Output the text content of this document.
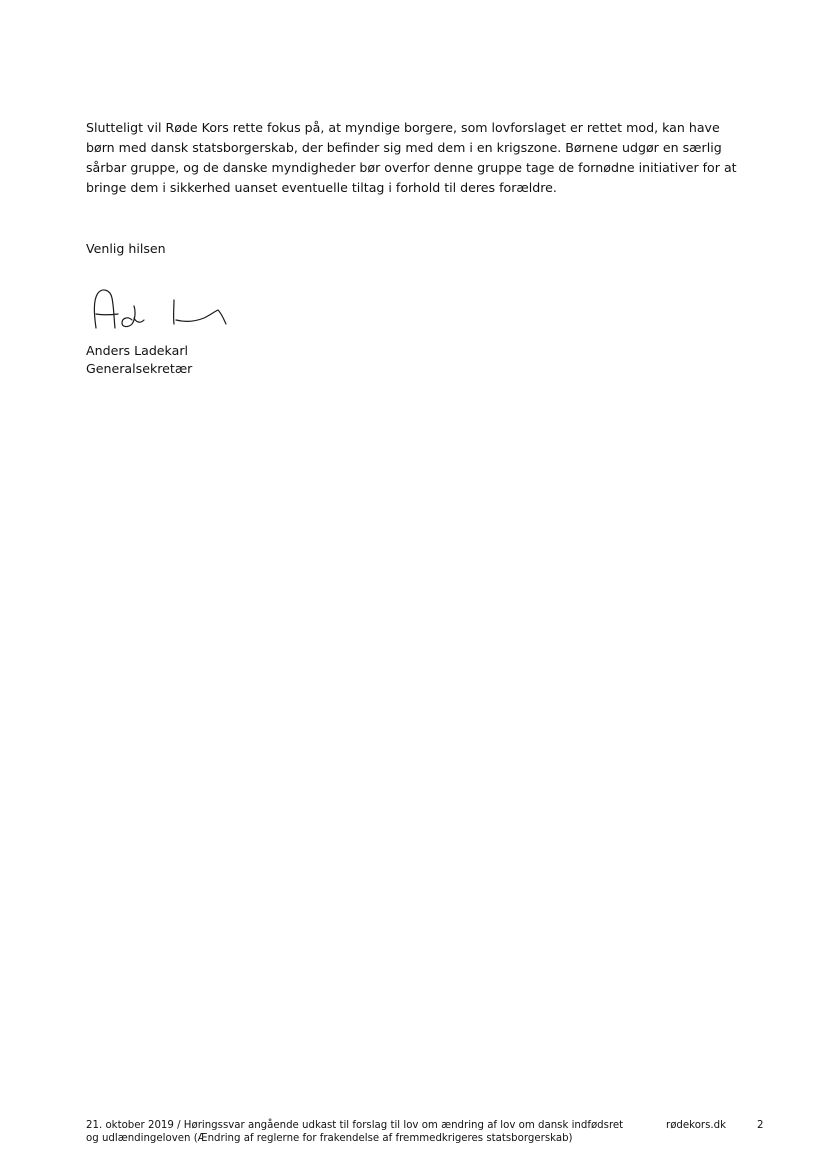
Slutteligt vil Røde Kors rette fokus på, at myndige borgere, som lovforslaget er rettet mod, kan have børn med dansk statsborgerskab, der befinder sig med dem i en krigszone. Børnene udgør en særlig sårbar gruppe, og de danske myndigheder bør overfor denne gruppe tage de fornødne initiativer for at bringe dem i sikkerhed uanset eventuelle tiltag i forhold til deres forældre.

Venlig hilsen

Anders Ladekarl

Generalsekretær

21. oktober 2019 / Høringssvar angående udkast til forslag til lov om ændring af lov om dansk indfødsret
og udlændingeloven (Ændring af reglerne for frakendelse af fremmedkrigeres statsborgerskab)

rødekors.dk	2
